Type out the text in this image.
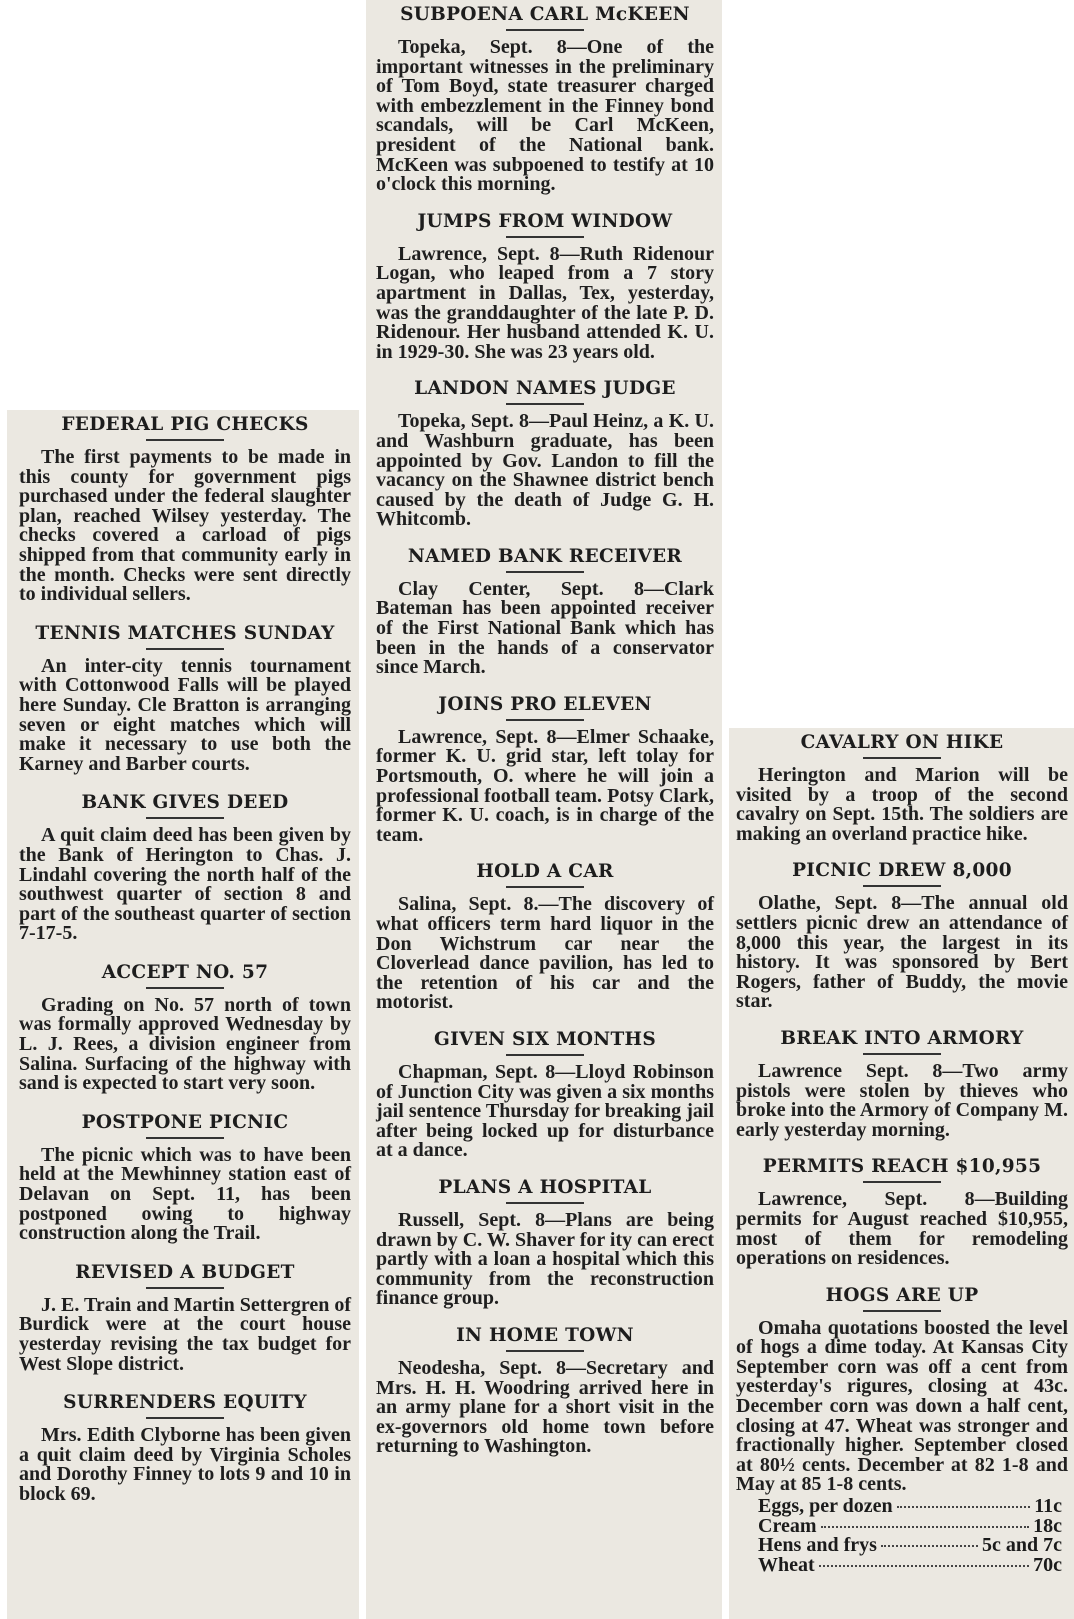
FEDERAL PIG CHECKS

The first payments to be made in this county for government pigs purchased under the federal slaughter plan, reached Wilsey yesterday. The checks covered a carload of pigs shipped from that community early in the month. Checks were sent directly to individual sellers.

TENNIS MATCHES SUNDAY

An inter-city tennis tournament with Cottonwood Falls will be played here Sunday. Cle Bratton is arranging seven or eight matches which will make it necessary to use both the Karney and Barber courts.

BANK GIVES DEED

A quit claim deed has been given by the Bank of Herington to Chas. J. Lindahl covering the north half of the southwest quarter of section 8 and part of the southeast quarter of section 7-17-5.

ACCEPT NO. 57

Grading on No. 57 north of town was formally approved Wednesday by L. J. Rees, a division engineer from Salina. Surfacing of the highway with sand is expected to start very soon.

POSTPONE PICNIC

The picnic which was to have been held at the Mewhinney station east of Delavan on Sept. 11, has been postponed owing to highway construction along the Trail.

REVISED A BUDGET

J. E. Train and Martin Settergren of Burdick were at the court house yesterday revising the tax budget for West Slope district.

SURRENDERS EQUITY

Mrs. Edith Clyborne has been given a quit claim deed by Virginia Scholes and Dorothy Finney to lots 9 and 10 in block 69.

SUBPOENA CARL McKEEN

Topeka, Sept. 8—One of the important witnesses in the preliminary of Tom Boyd, state treasurer charged with embezzlement in the Finney bond scandals, will be Carl McKeen, president of the National bank. McKeen was subpoened to testify at 10 o'clock this morning.

JUMPS FROM WINDOW

Lawrence, Sept. 8—Ruth Ridenour Logan, who leaped from a 7 story apartment in Dallas, Tex, yesterday, was the granddaughter of the late P. D. Ridenour. Her husband attended K. U. in 1929-30. She was 23 years old.

LANDON NAMES JUDGE

Topeka, Sept. 8—Paul Heinz, a K. U. and Washburn graduate, has been appointed by Gov. Landon to fill the vacancy on the Shawnee district bench caused by the death of Judge G. H. Whitcomb.

NAMED BANK RECEIVER

Clay Center, Sept. 8—Clark Bateman has been appointed receiver of the First National Bank which has been in the hands of a conservator since March.

JOINS PRO ELEVEN

Lawrence, Sept. 8—Elmer Schaake, former K. U. grid star, left tolay for Portsmouth, O. where he will join a professional football team. Potsy Clark, former K. U. coach, is in charge of the team.

HOLD A CAR

Salina, Sept. 8.—The discovery of what officers term hard liquor in the Don Wichstrum car near the Cloverlead dance pavilion, has led to the retention of his car and the motorist.

GIVEN SIX MONTHS

Chapman, Sept. 8—Lloyd Robinson of Junction City was given a six months jail sentence Thursday for breaking jail after being locked up for disturbance at a dance.

PLANS A HOSPITAL

Russell, Sept. 8—Plans are being drawn by C. W. Shaver for ity can erect partly with a loan a hospital which this community from the reconstruction finance group.

IN HOME TOWN

Neodesha, Sept. 8—Secretary and Mrs. H. H. Woodring arrived here in an army plane for a short visit in the ex-governors old home town before returning to Washington.

CAVALRY ON HIKE

Herington and Marion will be visited by a troop of the second cavalry on Sept. 15th. The soldiers are making an overland practice hike.

PICNIC DREW 8,000

Olathe, Sept. 8—The annual old settlers picnic drew an attendance of 8,000 this year, the largest in its history. It was sponsored by Bert Rogers, father of Buddy, the movie star.

BREAK INTO ARMORY

Lawrence Sept. 8—Two army pistols were stolen by thieves who broke into the Armory of Company M. early yesterday morning.

PERMITS REACH $10,955

Lawrence, Sept. 8—Building permits for August reached $10,955, most of them for remodeling operations on residences.

HOGS ARE UP

Omaha quotations boosted the level of hogs a dime today. At Kansas City September corn was off a cent from yesterday's rigures, closing at 43c. December corn was down a half cent, closing at 47. Wheat was stronger and fractionally higher. September closed at 80½ cents. December at 82 1-8 and May at 85 1-8 cents.

Eggs, per dozen	11c
Cream	18c
Hens and frys	5c and 7c
Wheat	70c
